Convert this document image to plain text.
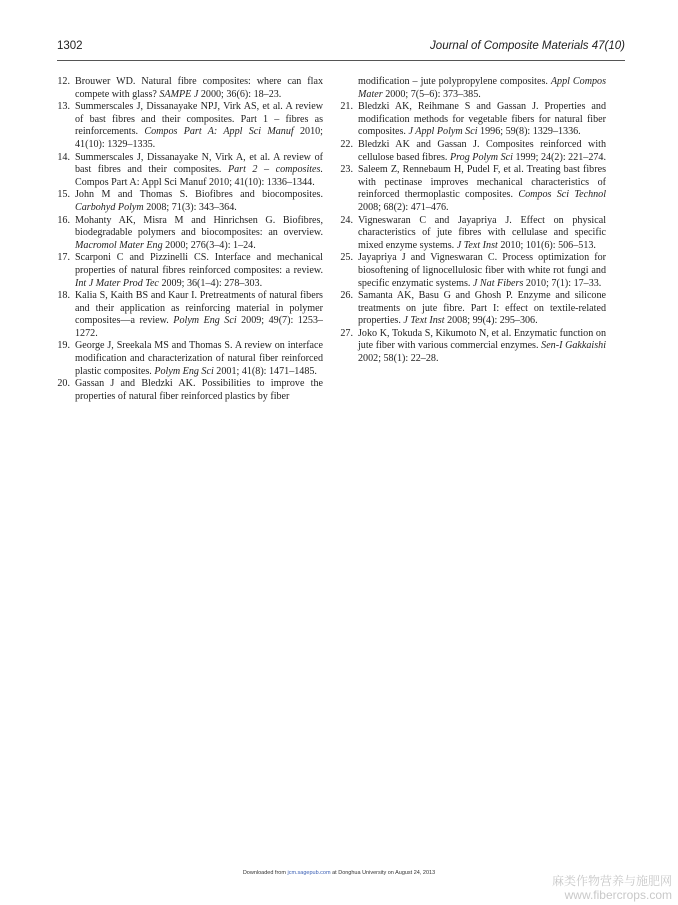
1302	Journal of Composite Materials 47(10)
12. Brouwer WD. Natural fibre composites: where can flax compete with glass? SAMPE J 2000; 36(6): 18–23.
13. Summerscales J, Dissanayake NPJ, Virk AS, et al. A review of bast fibres and their composites. Part 1 – fibres as reinforcements. Compos Part A: Appl Sci Manuf 2010; 41(10): 1329–1335.
14. Summerscales J, Dissanayake N, Virk A, et al. A review of bast fibres and their composites. Part 2 – composites. Compos Part A: Appl Sci Manuf 2010; 41(10): 1336–1344.
15. John M and Thomas S. Biofibres and biocomposites. Carbohyd Polym 2008; 71(3): 343–364.
16. Mohanty AK, Misra M and Hinrichsen G. Biofibres, biodegradable polymers and biocomposites: an overview. Macromol Mater Eng 2000; 276(3–4): 1–24.
17. Scarponi C and Pizzinelli CS. Interface and mechanical properties of natural fibres reinforced composites: a review. Int J Mater Prod Tec 2009; 36(1–4): 278–303.
18. Kalia S, Kaith BS and Kaur I. Pretreatments of natural fibers and their application as reinforcing material in polymer composites—a review. Polym Eng Sci 2009; 49(7): 1253–1272.
19. George J, Sreekala MS and Thomas S. A review on interface modification and characterization of natural fiber reinforced plastic composites. Polym Eng Sci 2001; 41(8): 1471–1485.
20. Gassan J and Bledzki AK. Possibilities to improve the properties of natural fiber reinforced plastics by fiber
modification – jute polypropylene composites. Appl Compos Mater 2000; 7(5–6): 373–385.
21. Bledzki AK, Reihmane S and Gassan J. Properties and modification methods for vegetable fibers for natural fiber composites. J Appl Polym Sci 1996; 59(8): 1329–1336.
22. Bledzki AK and Gassan J. Composites reinforced with cellulose based fibres. Prog Polym Sci 1999; 24(2): 221–274.
23. Saleem Z, Rennebaum H, Pudel F, et al. Treating bast fibres with pectinase improves mechanical characteristics of reinforced thermoplastic composites. Compos Sci Technol 2008; 68(2): 471–476.
24. Vigneswaran C and Jayapriya J. Effect on physical characteristics of jute fibres with cellulase and specific mixed enzyme systems. J Text Inst 2010; 101(6): 506–513.
25. Jayapriya J and Vigneswaran C. Process optimization for biosoftening of lignocellulosic fiber with white rot fungi and specific enzymatic systems. J Nat Fibers 2010; 7(1): 17–33.
26. Samanta AK, Basu G and Ghosh P. Enzyme and silicone treatments on jute fibre. Part I: effect on textile-related properties. J Text Inst 2008; 99(4): 295–306.
27. Joko K, Tokuda S, Kikumoto N, et al. Enzymatic function on jute fiber with various commercial enzymes. Sen-I Gakkaishi 2002; 58(1): 22–28.
Downloaded from jcm.sagepub.com at Donghua University on August 24, 2013
麻类作物营养与施肥网
www.fibercrops.com
